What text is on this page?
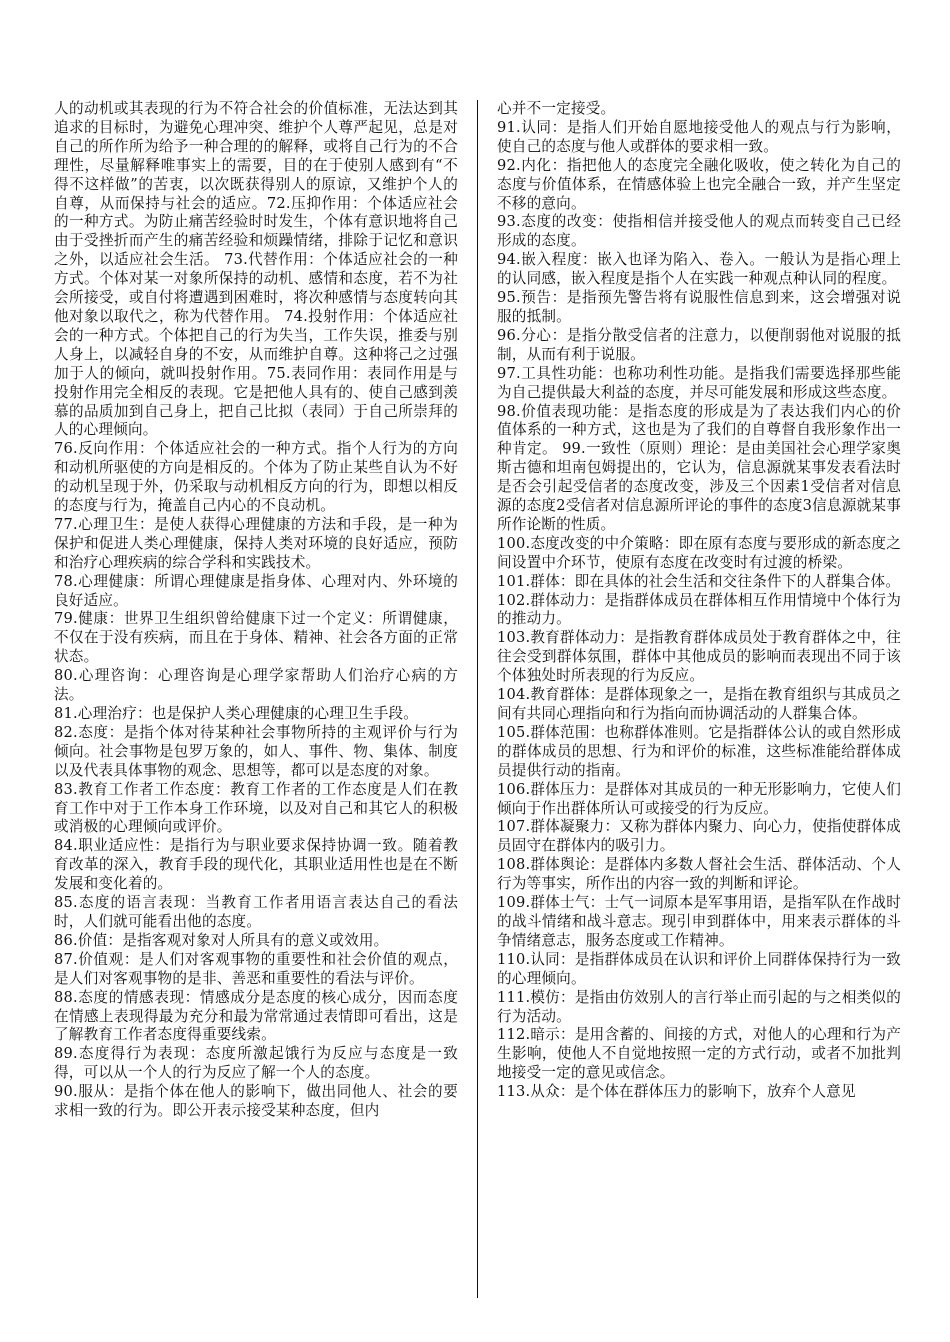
人的动机或其表现的行为不符合社会的价值标准，无法达到其追求的目标时，为避免心理冲突、维护个人尊严起见，总是对自己的所作所为给予一种合理的的解释，或将自己行为的不合理性，尽量解释唯事实上的需要，目的在于使别人感到有“不得不这样做”的苦衷，以次既获得别人的原谅，又维护个人的自尊，从而保持与社会的适应。72.压抑作用：个体适应社会的一种方式。为防止痛苦经验时时发生，个体有意识地将自己由于受挫折而产生的痛苦经验和烦躁情绪，排除于记忆和意识之外，以适应社会生活。 73.代替作用：个体适应社会的一种方式。个体对某一对象所保持的动机、感情和态度，若不为社会所接受，或自付将遭遇到困难时，将次种感情与态度转向其他对象以取代之，称为代替作用。 74.投射作用：个体适应社会的一种方式。个体把自己的行为失当，工作失误，推委与别人身上，以减轻自身的不安，从而维护自尊。这种将己之过强加于人的倾向，就叫投射作用。75.表同作用：表同作用是与投射作用完全相反的表现。它是把他人具有的、使自己感到羡慕的品质加到自己身上，把自己比拟（表同）于自己所崇拜的人的心理倾向。

76.反向作用：个体适应社会的一种方式。指个人行为的方向和动机所驱使的方向是相反的。个体为了防止某些自认为不好的动机呈现于外，仍采取与动机相反方向的行为，即想以相反的态度与行为，掩盖自己内心的不良动机。

77.心理卫生：是使人获得心理健康的方法和手段，是一种为保护和促进人类心理健康，保持人类对环境的良好适应，预防和治疗心理疾病的综合学科和实践技术。

78.心理健康：所谓心理健康是指身体、心理对内、外环境的良好适应。

79.健康：世界卫生组织曾给健康下过一个定义：所谓健康，不仅在于没有疾病，而且在于身体、精神、社会各方面的正常状态。

80.心理咨询：心理咨询是心理学家帮助人们治疗心病的方法。

81.心理治疗：也是保护人类心理健康的心理卫生手段。

82.态度：是指个体对待某种社会事物所持的主观评价与行为倾向。社会事物是包罗万象的，如人、事件、物、集体、制度以及代表具体事物的观念、思想等，都可以是态度的对象。

83.教育工作者工作态度：教育工作者的工作态度是人们在教育工作中对于工作本身工作环境，以及对自己和其它人的积极或消极的心理倾向或评价。

84.职业适应性：是指行为与职业要求保持协调一致。随着教育改革的深入，教育手段的现代化，其职业适用性也是在不断发展和变化着的。

85.态度的语言表现：当教育工作者用语言表达自己的看法时，人们就可能看出他的态度。

86.价值：是指客观对象对人所具有的意义或效用。

87.价值观：是人们对客观事物的重要性和社会价值的观点，是人们对客观事物的是非、善恶和重要性的看法与评价。

88.态度的情感表现：情感成分是态度的核心成分，因而态度在情感上表现得最为充分和最为常常通过表情即可看出，这是了解教育工作者态度得重要线索。

89.态度得行为表现：态度所激起饿行为反应与态度是一致得，可以从一个人的行为反应了解一个人的态度。

90.服从：是指个体在他人的影响下，做出同他人、社会的要求相一致的行为。即公开表示接受某种态度，但内

心并不一定接受。

91.认同：是指人们开始自愿地接受他人的观点与行为影响，使自己的态度与他人或群体的要求相一致。

92.内化：指把他人的态度完全融化吸收，使之转化为自己的态度与价值体系，在情感体验上也完全融合一致，并产生坚定不移的意向。

93.态度的改变：使指相信并接受他人的观点而转变自己已经形成的态度。

94.嵌入程度：嵌入也译为陷入、卷入。一般认为是指心理上的认同感，嵌入程度是指个人在实践一种观点种认同的程度。

95.预告：是指预先警告将有说服性信息到来，这会增强对说服的抵制。

96.分心：是指分散受信者的注意力，以便削弱他对说服的抵制，从而有利于说服。

97.工具性功能：也称功利性功能。是指我们需要选择那些能为自己提供最大利益的态度，并尽可能发展和形成这些态度。

98.价值表现功能：是指态度的形成是为了表达我们内心的价值体系的一种方式，这也是为了我们的自尊督自我形象作出一种肯定。 99.一致性（原则）理论：是由美国社会心理学家奥斯古德和坦南包姆提出的，它认为，信息源就某事发表看法时是否会引起受信者的态度改变，涉及三个因素1受信者对信息源的态度2受信者对信息源所评论的事件的态度3信息源就某事所作论断的性质。

100.态度改变的中介策略：即在原有态度与要形成的新态度之间设置中介环节，使原有态度在改变时有过渡的桥梁。

101.群体：即在具体的社会生活和交往条件下的人群集合体。

102.群体动力：是指群体成员在群体相互作用情境中个体行为的推动力。

103.教育群体动力：是指教育群体成员处于教育群体之中，往往会受到群体氛围，群体中其他成员的影响而表现出不同于该个体独处时所表现的行为反应。

104.教育群体：是群体现象之一，是指在教育组织与其成员之间有共同心理指向和行为指向而协调活动的人群集合体。

105.群体范围：也称群体准则。它是指群体公认的或自然形成的群体成员的思想、行为和评价的标准，这些标准能给群体成员提供行动的指南。

106.群体压力：是群体对其成员的一种无形影响力，它使人们倾向于作出群体所认可或接受的行为反应。

107.群体凝聚力：又称为群体内聚力、向心力，使指使群体成员固守在群体内的吸引力。

108.群体舆论：是群体内多数人督社会生活、群体活动、个人行为等事实，所作出的内容一致的判断和评论。

109.群体士气：士气一词原本是军事用语，是指军队在作战时的战斗情绪和战斗意志。现引申到群体中，用来表示群体的斗争情绪意志，服务态度或工作精神。

110.认同：是指群体成员在认识和评价上同群体保持行为一致的心理倾向。

111.模仿：是指由仿效别人的言行举止而引起的与之相类似的行为活动。

112.暗示：是用含蓄的、间接的方式，对他人的心理和行为产生影响，使他人不自觉地按照一定的方式行动，或者不加批判地接受一定的意见或信念。

113.从众：是个体在群体压力的影响下，放弃个人意见
